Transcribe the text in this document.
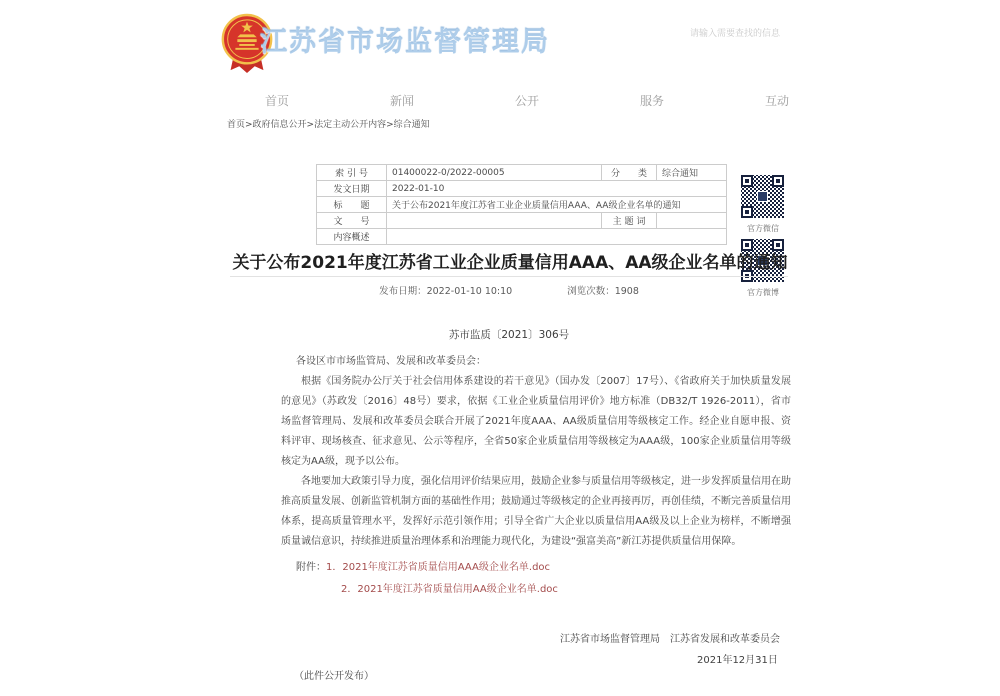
江苏省市场监督管理局
请输入需要查找的信息
首页	新闻	公开	服务	互动
首页>政府信息公开>法定主动公开内容>综合通知
索 引 号	01400022-0/2022-00005	分　　类	综合通知
发文日期	2022-01-10		
标　　题	关于公布2021年度江苏省工业企业质量信用AAA、AA级企业名单的通知		
文　　号		主 题 词	
内容概述			
官方微信
官方微博
关于公布2021年度江苏省工业企业质量信用AAA、AA级企业名单的通知
发布日期：2022-01-10 10:10	浏览次数：1908
苏市监质〔2021〕306号

各设区市市场监管局、发展和改革委员会：

根据《国务院办公厅关于社会信用体系建设的若干意见》（国办发〔2007〕17号）、《省政府关于加快质量发展的意见》（苏政发〔2016〕48号）要求，依据《工业企业质量信用评价》地方标准（DB32/T 1926-2011），省市场监督管理局、发展和改革委员会联合开展了2021年度AAA、AA级质量信用等级核定工作。经企业自愿申报、资料评审、现场核查、征求意见、公示等程序，全省50家企业质量信用等级核定为AAA级，100家企业质量信用等级核定为AA级，现予以公布。

各地要加大政策引导力度，强化信用评价结果应用，鼓励企业参与质量信用等级核定，进一步发挥质量信用在助推高质量发展、创新监管机制方面的基础性作用；鼓励通过等级核定的企业再接再厉，再创佳绩，不断完善质量信用体系，提高质量管理水平，发挥好示范引领作用；引导全省广大企业以质量信用AA级及以上企业为榜样，不断增强质量诚信意识，持续推进质量治理体系和治理能力现代化，为建设“强富美高”新江苏提供质量信用保障。

附件：1．2021年度江苏省质量信用AAA级企业名单.doc
2．2021年度江苏省质量信用AA级企业名单.doc
江苏省市场监督管理局 江苏省发展和改革委员会
2021年12月31日
（此件公开发布）
